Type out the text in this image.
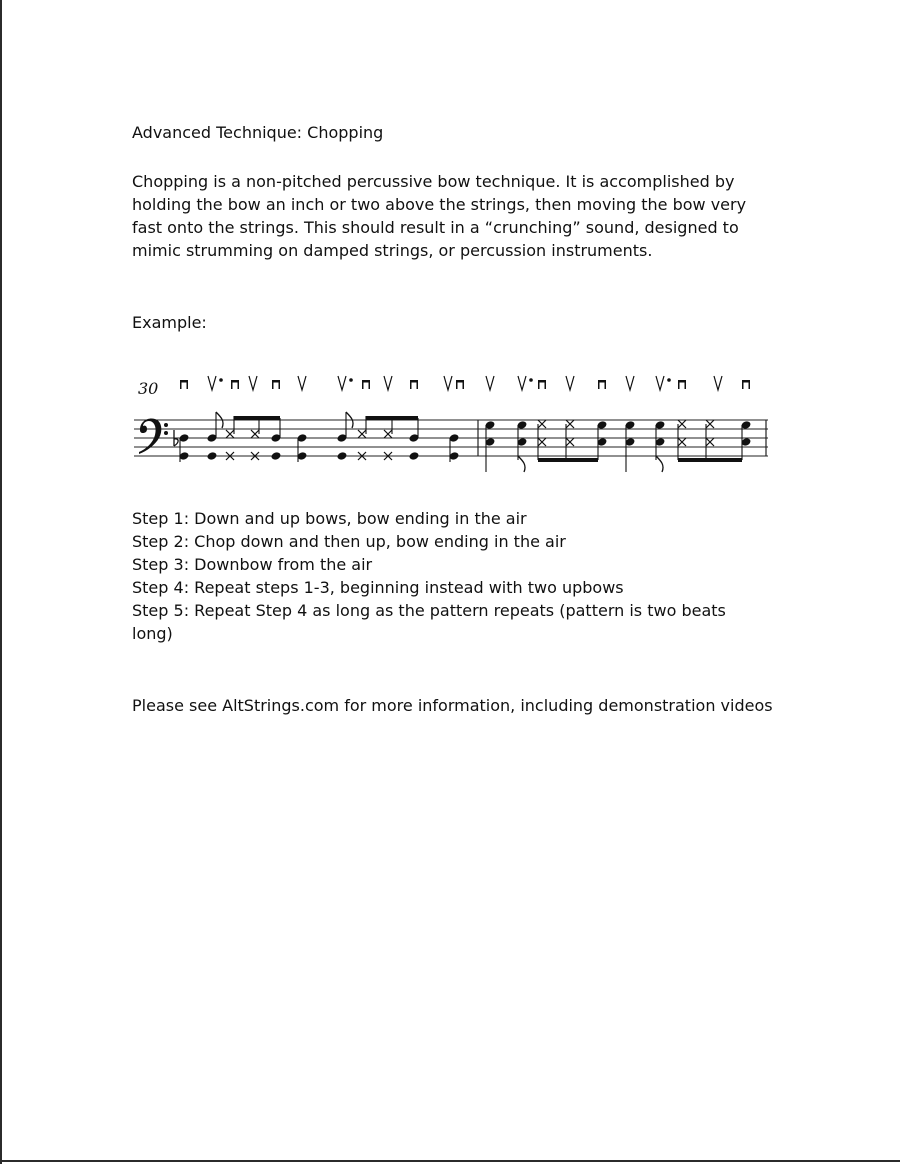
Advanced Technique: Chopping

Chopping is a non-pitched percussive bow technique. It is accomplished by

holding the bow an inch or two above the strings, then moving the bow very

fast onto the strings. This should result in a “crunching” sound, designed to

mimic strumming on damped strings, or percussion instruments.

Example:
30

Step 1: Down and up bows, bow ending in the air

Step 2: Chop down and then up, bow ending in the air

Step 3: Downbow from the air

Step 4: Repeat steps 1-3, beginning instead with two upbows

Step 5: Repeat Step 4 as long as the pattern repeats (pattern is two beats

long)

Please see AltStrings.com for more information, including demonstration videos
